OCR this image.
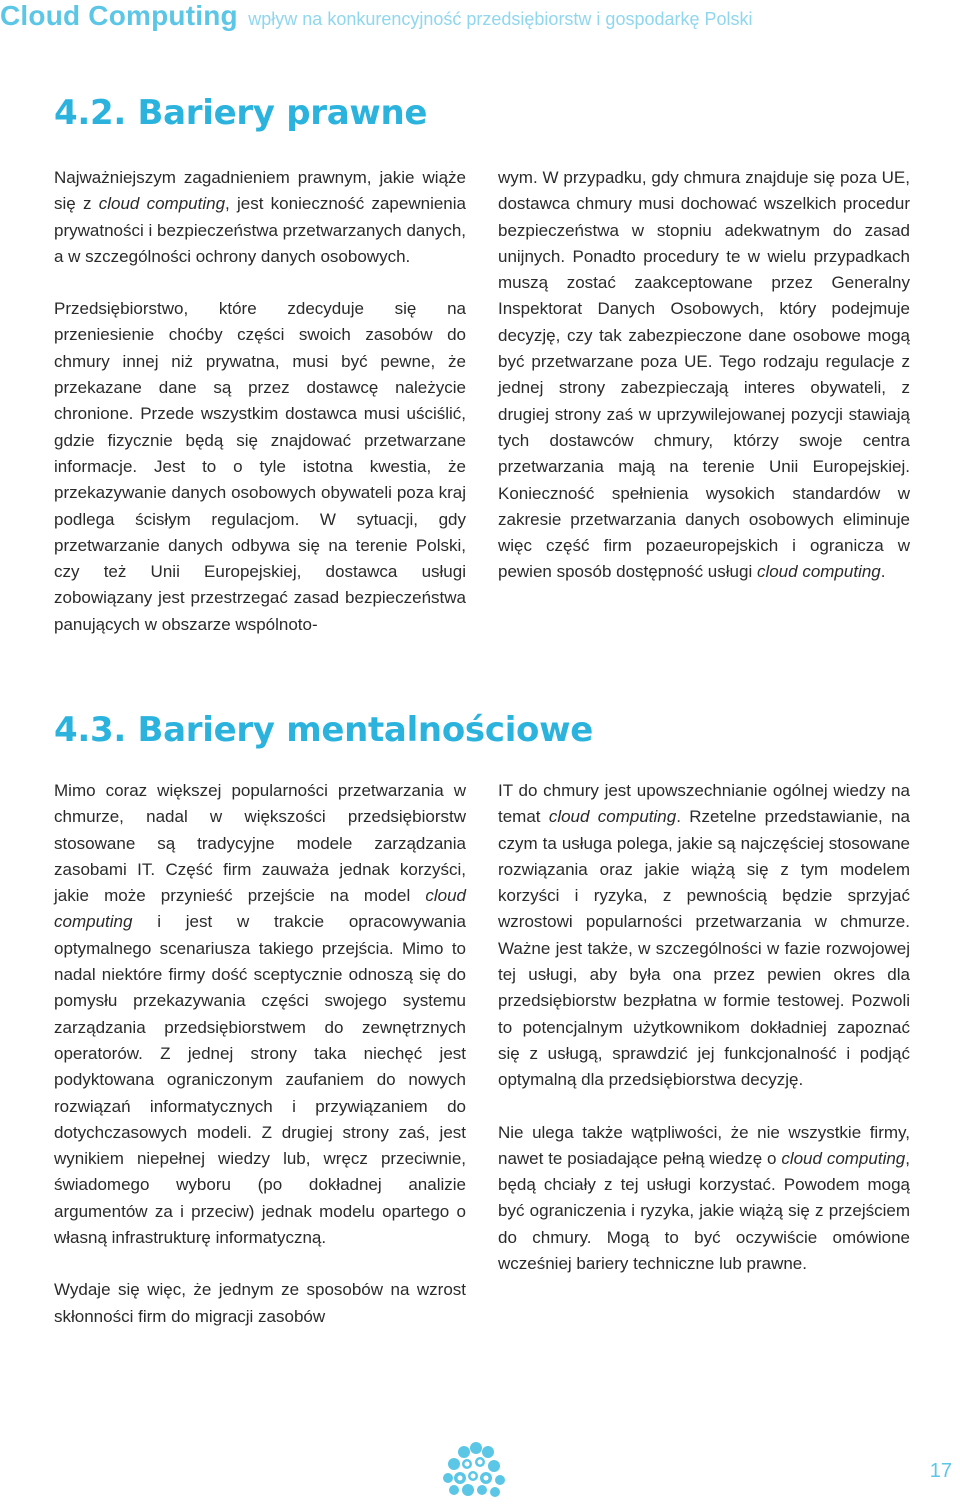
Cloud Computing wpływ na konkurencyjność przedsiębiorstw i gospodarkę Polski
4.2. Bariery prawne

Najważniejszym zagadnieniem prawnym, jakie wiąże się z cloud computing, jest konieczność zapewnienia prywatności i bezpieczeństwa przetwarzanych danych, a w szczególności ochrony danych osobowych.

Przedsiębiorstwo, które zdecyduje się na przeniesienie choćby części swoich zasobów do chmury innej niż prywatna, musi być pewne, że przekazane dane są przez dostawcę należycie chronione. Przede wszystkim dostawca musi uściślić, gdzie fizycznie będą się znajdować przetwarzane informacje. Jest to o tyle istotna kwestia, że przekazywanie danych osobowych obywateli poza kraj podlega ścisłym regulacjom. W sytuacji, gdy przetwarzanie danych odbywa się na terenie Polski, czy też Unii Europejskiej, dostawca usługi zobowiązany jest przestrzegać zasad bezpieczeństwa panujących w obszarze wspólnoto-

wym. W przypadku, gdy chmura znajduje się poza UE, dostawca chmury musi dochować wszelkich procedur bezpieczeństwa w stopniu adekwatnym do zasad unijnych. Ponadto procedury te w wielu przypadkach muszą zostać zaakceptowane przez Generalny Inspektorat Danych Osobowych, który podejmuje decyzję, czy tak zabezpieczone dane osobowe mogą być przetwarzane poza UE. Tego rodzaju regulacje z jednej strony zabezpieczają interes obywateli, z drugiej strony zaś w uprzywilejowanej pozycji stawiają tych dostawców chmury, którzy swoje centra przetwarzania mają na terenie Unii Europejskiej. Konieczność spełnienia wysokich standardów w zakresie przetwarzania danych osobowych eliminuje więc część firm pozaeuropejskich i ogranicza w pewien sposób dostępność usługi cloud computing.

4.3. Bariery mentalnościowe

Mimo coraz większej popularności przetwarzania w chmurze, nadal w większości przedsiębiorstw stosowane są tradycyjne modele zarządzania zasobami IT. Część firm zauważa jednak korzyści, jakie może przynieść przejście na model cloud computing i jest w trakcie opracowywania optymalnego scenariusza takiego przejścia. Mimo to nadal niektóre firmy dość sceptycznie odnoszą się do pomysłu przekazywania części swojego systemu zarządzania przedsiębiorstwem do zewnętrznych operatorów. Z jednej strony taka niechęć jest podyktowana ograniczonym zaufaniem do nowych rozwiązań informatycznych i przywiązaniem do dotychczasowych modeli. Z drugiej strony zaś, jest wynikiem niepełnej wiedzy lub, wręcz przeciwnie, świadomego wyboru (po dokładnej analizie argumentów za i przeciw) jednak modelu opartego o własną infrastrukturę informatyczną.

Wydaje się więc, że jednym ze sposobów na wzrost skłonności firm do migracji zasobów

IT do chmury jest upowszechnianie ogólnej wiedzy na temat cloud computing. Rzetelne przedstawianie, na czym ta usługa polega, jakie są najczęściej stosowane rozwiązania oraz jakie wiążą się z tym modelem korzyści i ryzyka, z pewnością będzie sprzyjać wzrostowi popularności przetwarzania w chmurze. Ważne jest także, w szczególności w fazie rozwojowej tej usługi, aby była ona przez pewien okres dla przedsiębiorstw bezpłatna w formie testowej. Pozwoli to potencjalnym użytkownikom dokładniej zapoznać się z usługą, sprawdzić jej funkcjonalność i podjąć optymalną dla przedsiębiorstwa decyzję.

Nie ulega także wątpliwości, że nie wszystkie firmy, nawet te posiadające pełną wiedzę o cloud computing, będą chciały z tej usługi korzystać. Powodem mogą być ograniczenia i ryzyka, jakie wiążą się z przejściem do chmury. Mogą to być oczywiście omówione wcześniej bariery techniczne lub prawne.

17
